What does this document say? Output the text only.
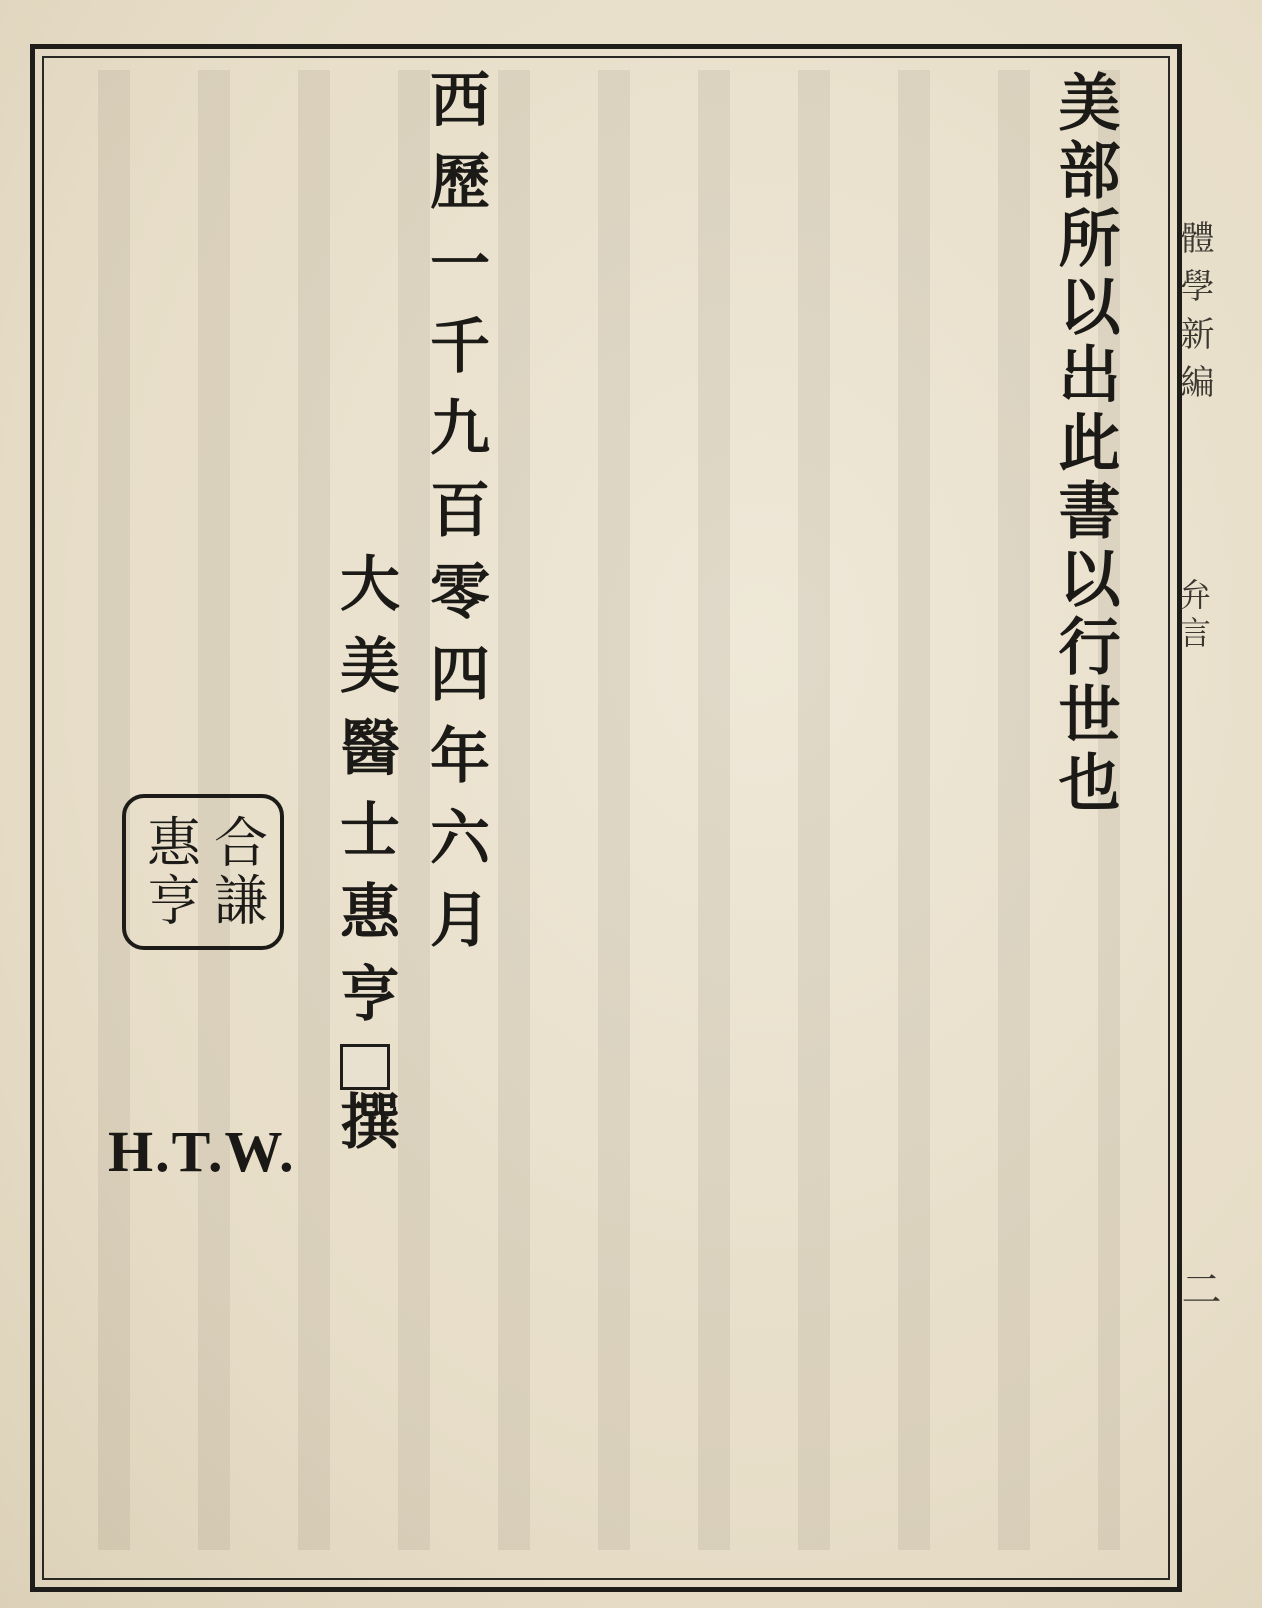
美部所以出此書以行世也
西歷一千九百零四年六月
大美醫士惠亨撰
合謙
惠亨
H.T.W.
體學新編
弁言
二
